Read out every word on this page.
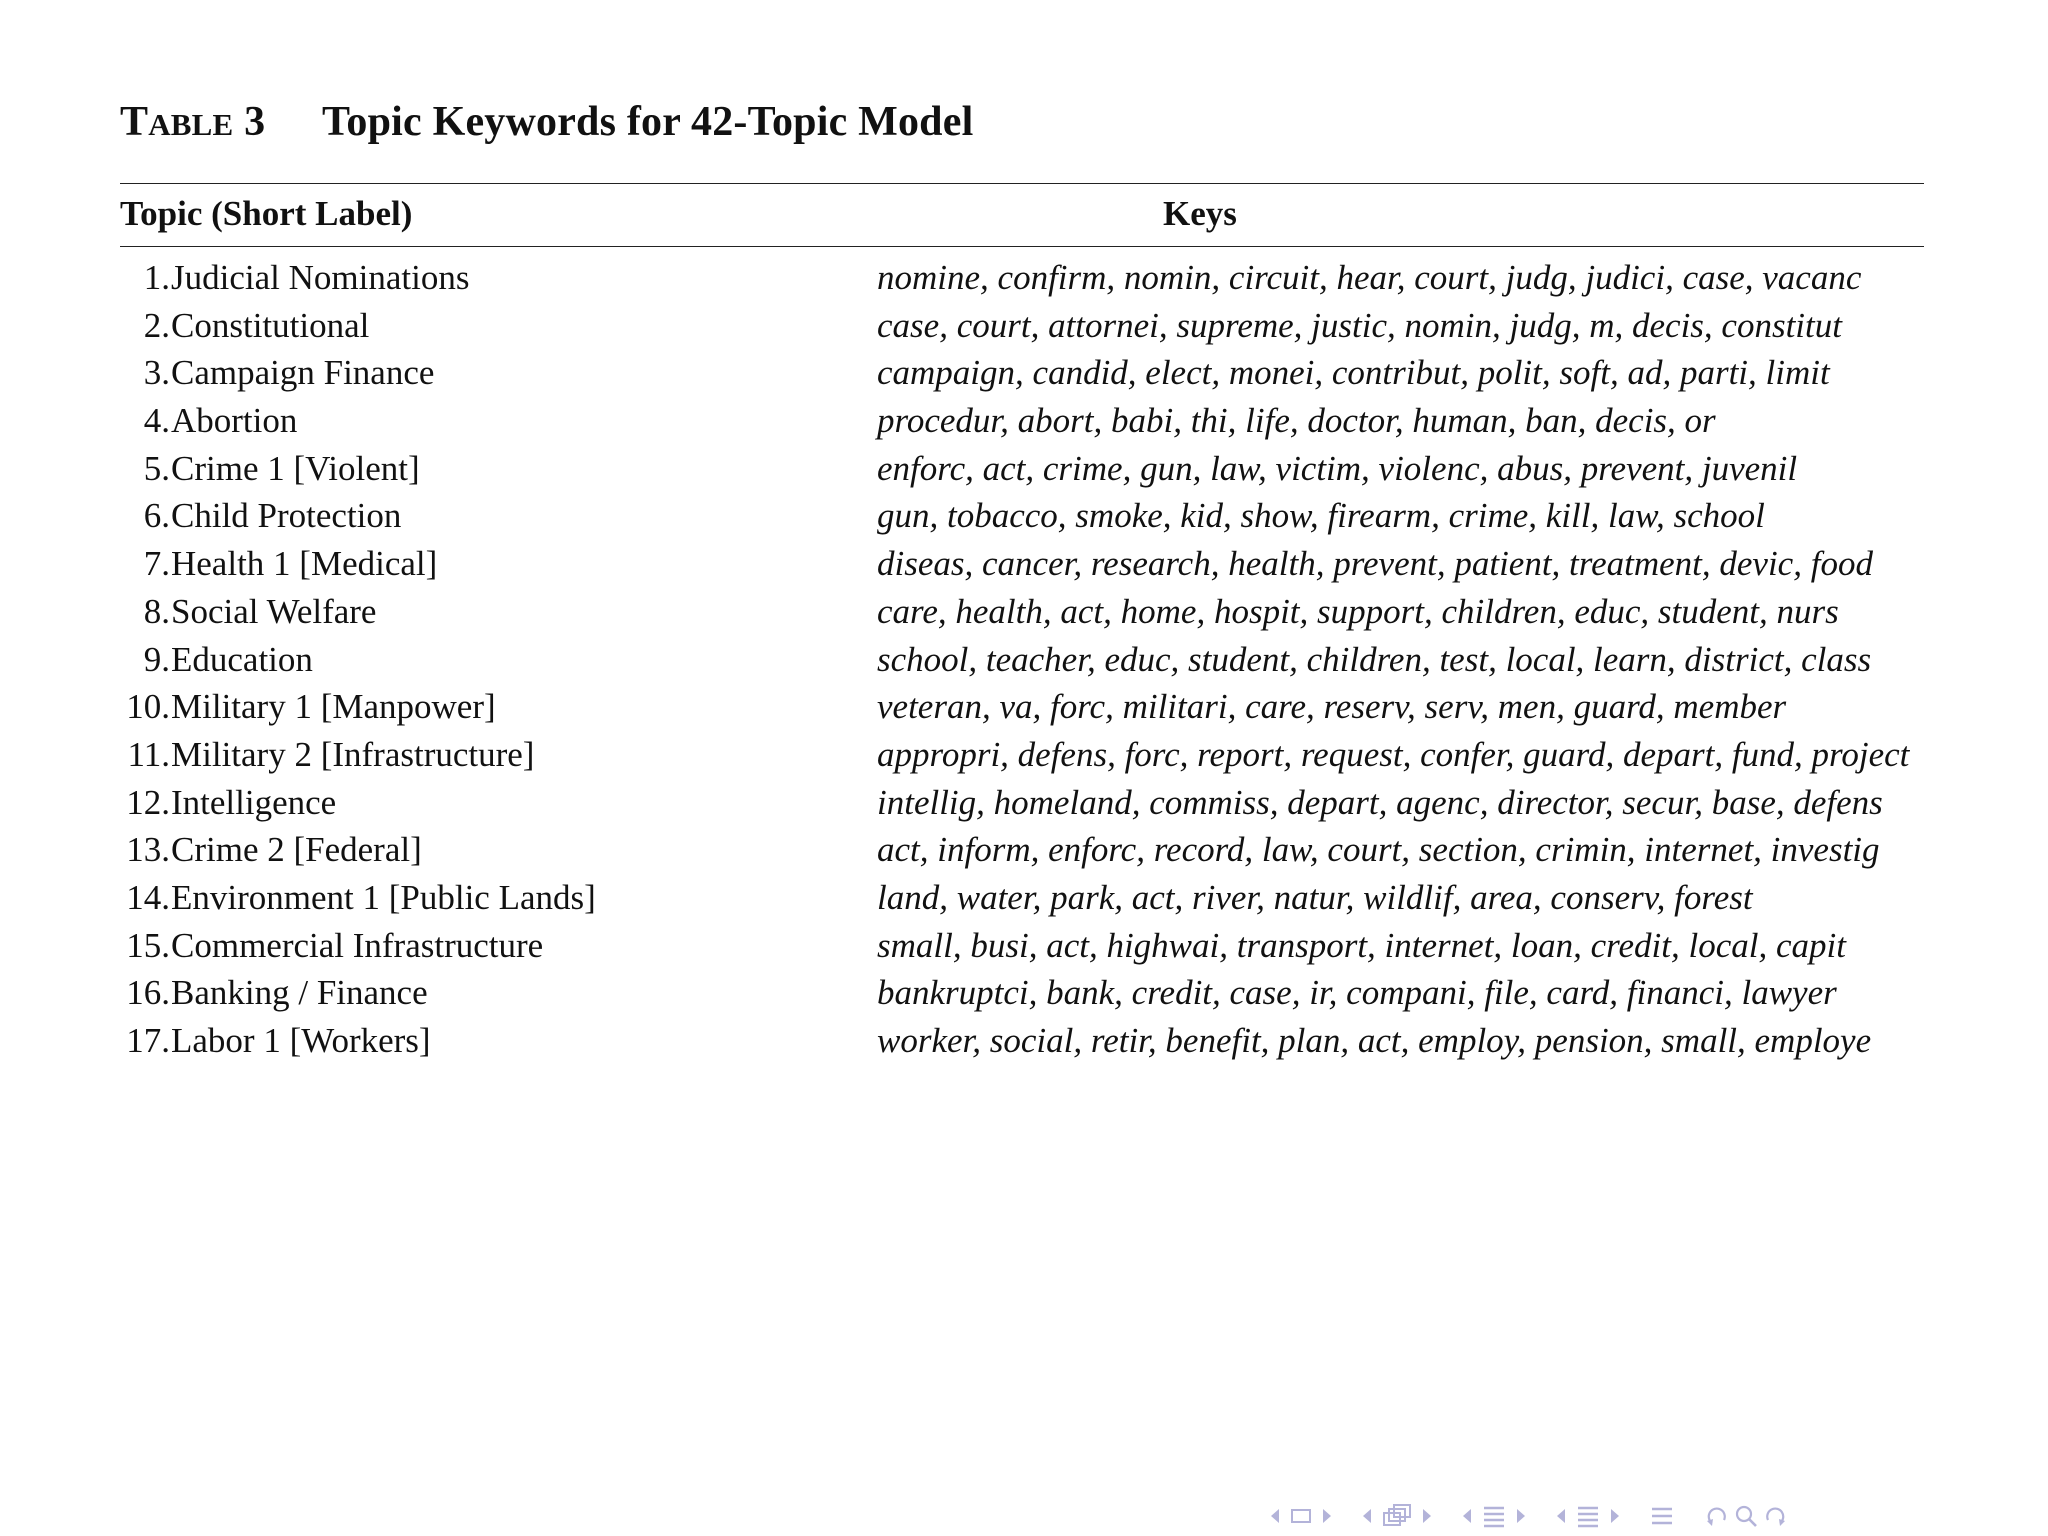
TABLE 3 Topic Keywords for 42-Topic Model
Topic (Short Label)	Keys
1. Judicial Nominations	nomine, confirm, nomin, circuit, hear, court, judg, judici, case, vacanc
2. Constitutional	case, court, attornei, supreme, justic, nomin, judg, m, decis, constitut
3. Campaign Finance	campaign, candid, elect, monei, contribut, polit, soft, ad, parti, limit
4. Abortion	procedur, abort, babi, thi, life, doctor, human, ban, decis, or
5. Crime 1 [Violent]	enforc, act, crime, gun, law, victim, violenc, abus, prevent, juvenil
6. Child Protection	gun, tobacco, smoke, kid, show, firearm, crime, kill, law, school
7. Health 1 [Medical]	diseas, cancer, research, health, prevent, patient, treatment, devic, food
8. Social Welfare	care, health, act, home, hospit, support, children, educ, student, nurs
9. Education	school, teacher, educ, student, children, test, local, learn, district, class
10. Military 1 [Manpower]	veteran, va, forc, militari, care, reserv, serv, men, guard, member
11. Military 2 [Infrastructure]	appropri, defens, forc, report, request, confer, guard, depart, fund, project
12. Intelligence	intellig, homeland, commiss, depart, agenc, director, secur, base, defens
13. Crime 2 [Federal]	act, inform, enforc, record, law, court, section, crimin, internet, investig
14. Environment 1 [Public Lands]	land, water, park, act, river, natur, wildlif, area, conserv, forest
15. Commercial Infrastructure	small, busi, act, highwai, transport, internet, loan, credit, local, capit
16. Banking / Finance	bankruptci, bank, credit, case, ir, compani, file, card, financi, lawyer
17. Labor 1 [Workers]	worker, social, retir, benefit, plan, act, employ, pension, small, employe
